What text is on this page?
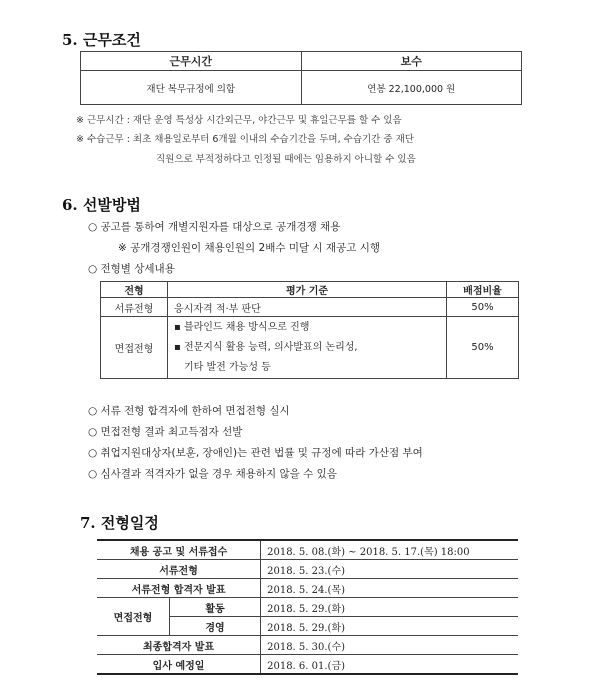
5. 근무조건
근무시간	보수
재단 복무규정에 의함	연봉 22,100,000 원
※ 근무시간 : 재단 운영 특성상 시간외근무, 야간근무 및 휴일근무를 할 수 있음
※ 수습근무 : 최초 채용일로부터 6개월 이내의 수습기간을 두며, 수습기간 중 재단
직원으로 부적정하다고 인정될 때에는 임용하지 아니할 수 있음
6. 선발방법
○ 공고를 통하여 개별지원자를 대상으로 공개경쟁 채용
※ 공개경쟁인원이 채용인원의 2배수 미달 시 재공고 시행
○ 전형별 상세내용
전형	평가 기준	배점비율
서류전형	응시자격 적·부 판단	50%
면접전형	▪ 블라인드 채용 방식으로 진행
▪ 전문지식 활용 능력, 의사발표의 논리성,
기타 발전 가능성 등	50%
○ 서류 전형 합격자에 한하여 면접전형 실시
○ 면접전형 결과 최고득점자 선발
○ 취업지원대상자(보훈, 장애인)는 관련 법률 및 규정에 따라 가산점 부여
○ 심사결과 적격자가 없을 경우 채용하지 않을 수 있음
7. 전형일정
채용 공고 및 서류접수		2018. 5. 08.(화) ~ 2018. 5. 17.(목) 18:00
서류전형		2018. 5. 23.(수)
서류전형 합격자 발표		2018. 5. 24.(목)
면접전형	활동	2018. 5. 29.(화)
	경영	2018. 5. 29.(화)
최종합격자 발표		2018. 5. 30.(수)
입사 예정일		2018. 6. 01.(금)
